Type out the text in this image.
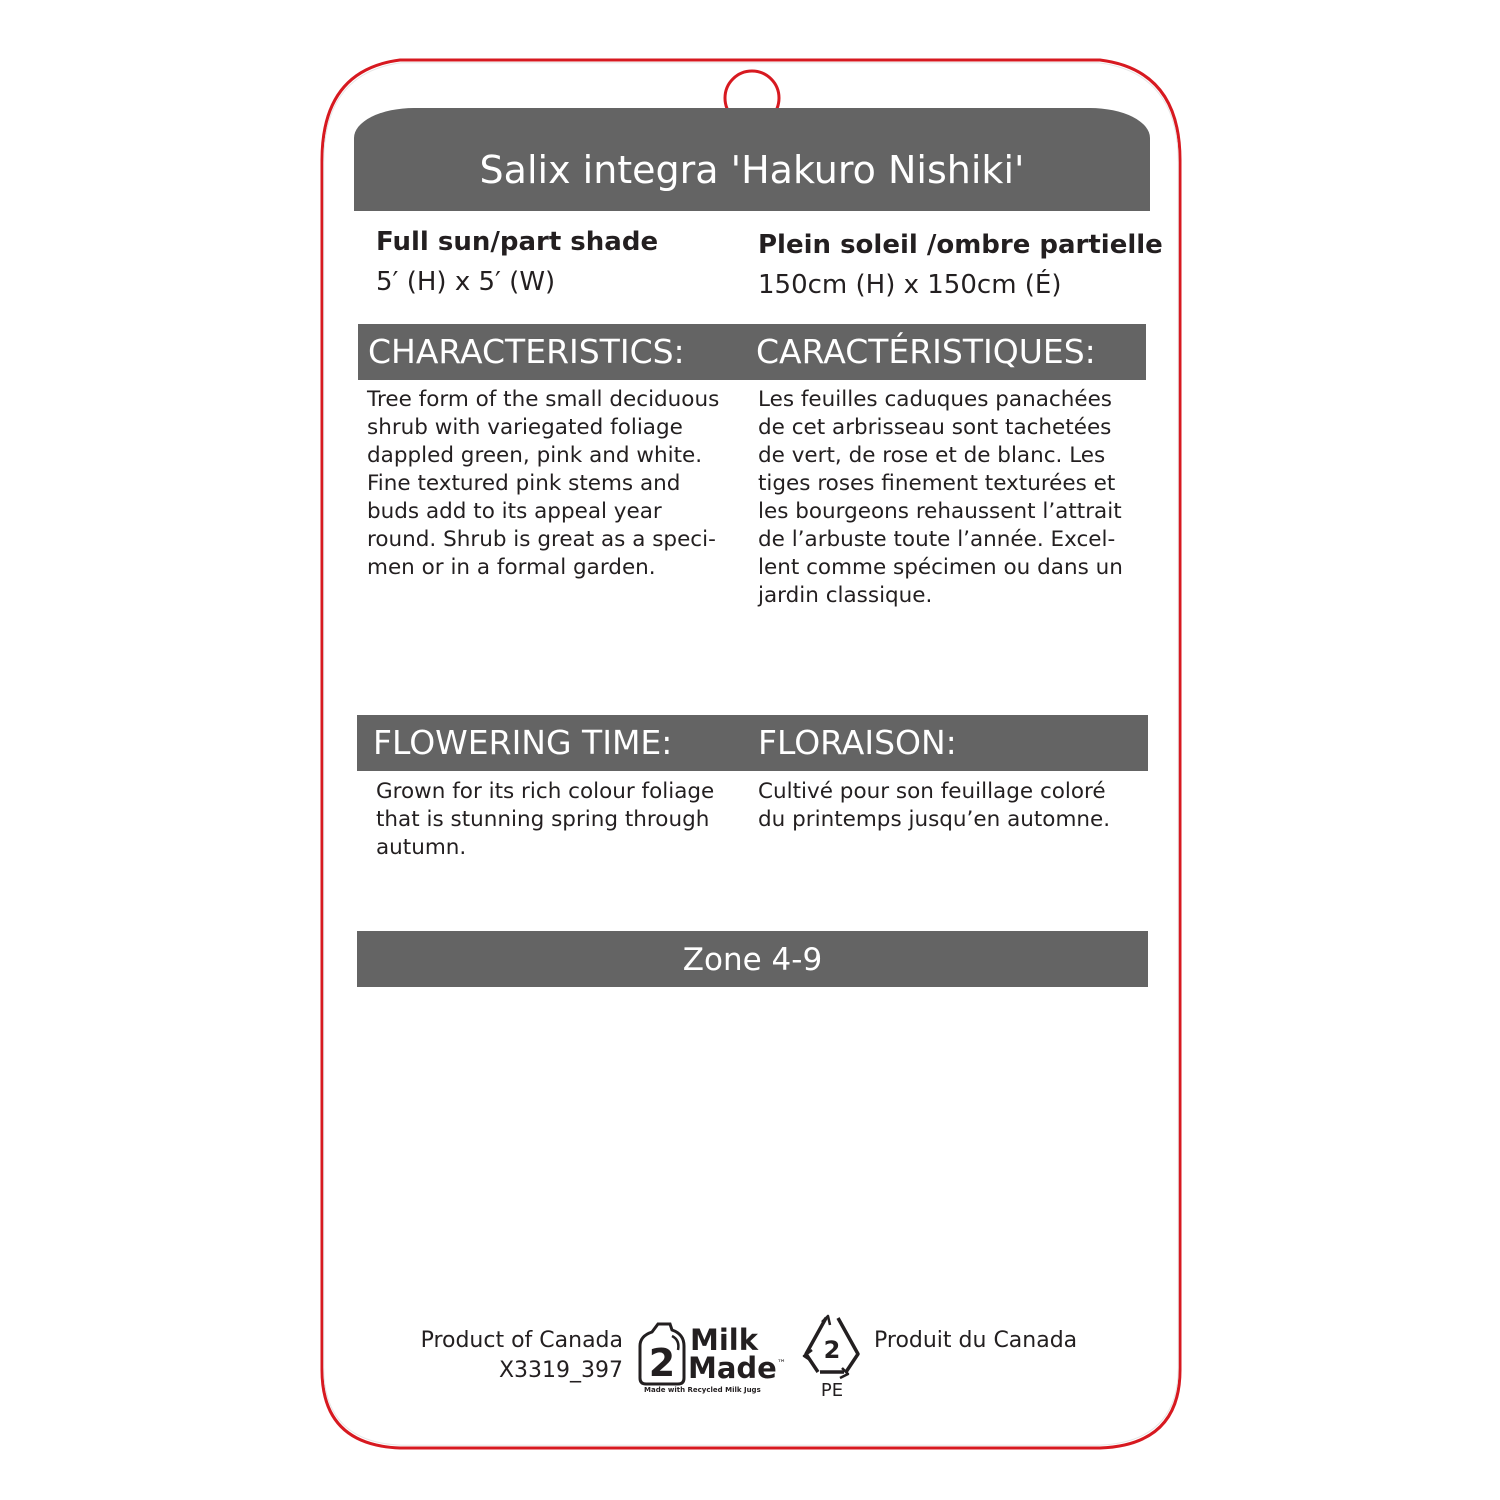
Salix integra 'Hakuro Nishiki'
Full sun/part shade
5′ (H) x 5′ (W)
Plein soleil /ombre partielle
150cm (H) x 150cm (É)
CHARACTERISTICS: CARACTÉRISTIQUES:
Tree form of the small deciduous
shrub with variegated foliage
dappled green, pink and white.
Fine textured pink stems and
buds add to its appeal year
round. Shrub is great as a speci-
men or in a formal garden.
Les feuilles caduques panachées
de cet arbrisseau sont tachetées
de vert, de rose et de blanc. Les
tiges roses finement texturées et
les bourgeons rehaussent l’attrait
de l’arbuste toute l’année. Excel-
lent comme spécimen ou dans un
jardin classique.
FLOWERING TIME:	FLORAISON:
Grown for its rich colour foliage
that is stunning spring through
autumn.
Cultivé pour son feuillage coloré
du printemps jusqu’en automne.
Zone 4-9
Product of Canada
X3319_397 2
Milk
Made ™
Made with Recycled Milk Jugs
2
PE
Produit du Canada
